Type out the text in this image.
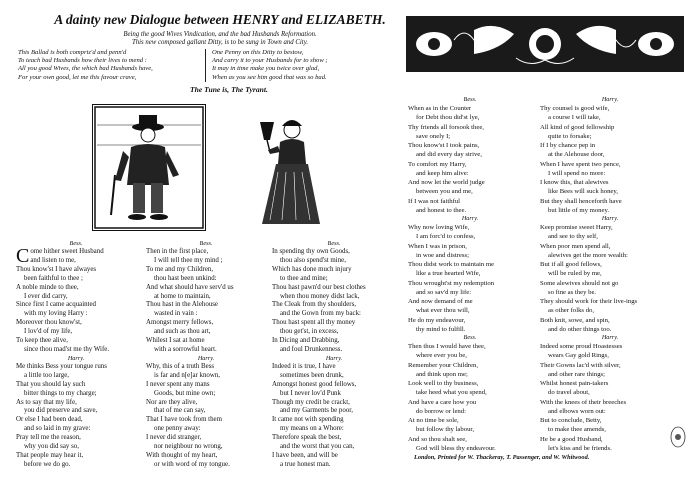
A dainty new Dialogue between HENRY and ELIZABETH.
Being the good Wives Vindication, and the bad Husbands Reformation.
This new composed gallant Ditty, is to be sung in Town and City.
This Ballad is both compriz'd and penn'd
To teach bad Husbands how their lives to mend :
All you good Wives, the which bad Husbands have,
For your own good, let me this favour crave,
One Penny on this Ditty to bestow,
And carry it to your Husbands for to show ;
It may in time make you twice over glad,
When as you see him good that was so bad.
The Tune is, The Tyrant.
Bess.
C ome hither sweet Husband
and listen to me,
Thou know'st I have alwayes
been faithful to thee ;
A noble minde to thee,
I ever did carry,
Since first I came acquainted
with my loving Harry :
Moreover thou know'st,
I lov'd of my life,
To keep thee alive,
since thou mad'st me thy Wife.
Harry.
Me thinks Bess your tongue runs
a little too large,
That you should lay such
bitter things to my charge;
As to say that my life,
you did preserve and save,
Or else I had been dead,
and so laid in my grave:
Pray tell me the reason,
why you did say so,
That people may hear it,
before we do go.
Bess.
Then in the first place,
I will tell thee my mind ;
To me and my Children,
thou hast been unkind:
And what should have serv'd us
at home to maintain,
Thou hast in the Alehouse
wasted in vain :
Amongst merry fellows,
and such as thou art,
Whilest I sat at home
with a sorrowful heart.
Harry.
Why, this of a truth Bess
is far and n[e]ar known,
I never spent any mans
Goods, but mine own;
Nor are they alive,
that of me can say,
That I have took from them
one penny away:
I never did stranger,
nor neighbour no wrong,
With thought of my heart,
or with word of my tongue.
Bess.
In spending thy own Goods,
thou also spend'st mine,
Which has done much injury
to thee and mine;
Thou hast pawn'd our best clothes
when thou money didst lack,
The Cleak from thy shoulders,
and the Gown from my back:
Thou hast spent all thy money
thou get'st, in excess,
In Dicing and Drabbing,
and foul Drunkenness.
Harry.
Indeed it is true, I have
sometimes been drunk,
Amongst honest good fellows,
but I never lov'd Punk
Though my credit be crackt,
and my Garments be poor,
It came not with spending
my means on a Whore:
Therefore speak the best,
and the worst that you can,
I have been, and will be
a true honest man.
Bess.
When as in the Counter
for Debt thou did'st lye,
Thy friends all forsook thee,
save onely I;
Thou know'st I took pains,
and did every day strive,
To comfort my Harry,
and keep him alive:
And now let the world judge
between you and me,
If I was not faithful
and honest to thee.
Harry.
Why now loving Wife,
I am forc'd to confess,
When I was in prison,
in woe and distress;
Thou didst work to maintain me
like a true hearted Wife,
Thou wrought'st my redemption
and so sav'd my life:
And now demand of me
what ever thou will,
He do my endeavour,
thy mind to fulfill.
Bess.
Then thus I would have thee,
where ever you be,
Remember your Children,
and think upon me;
Look well to thy business,
take heed what you spend,
And have a care how you
do borrow or lend:
At no time be sole,
but follow thy labour,
And so thou shalt see,
God will bless thy endeavour.
Harry.
Thy counsel is good wife,
a course I will take,
All kind of good fellowship
quite to forsake;
If I by chance pep in
at the Alehouse door,
When I have spent two pence,
I will spend no more:
I know this, that alewives
like Bees will suck honey,
But they shall henceforth have
but little of my money.
Harry.
Keep promise sweet Harry,
and see to thy self,
When poor men spend all,
alewives get the more wealth:
But if all good fellows,
will be ruled by me,
Some alewives should not go
so fine as they be.
They should work for their live-ings
as other folks do,
Both knit, sowe, and spin,
and do other things too.
Harry.
Indeed some proud Hoastesses
wears Gay gold Rings,
Their Gowns lac'd with silver,
and other rare things;
Whilst honest pain-takers
do travel about,
With the knees of their breeches
and elbows worn out:
But to conclude, Betty,
to make thee amends,
He be a good Husband,
let's kiss and be friends.
London, Printed for W. Thackeray, T. Passenger, and W. Whitwood.
